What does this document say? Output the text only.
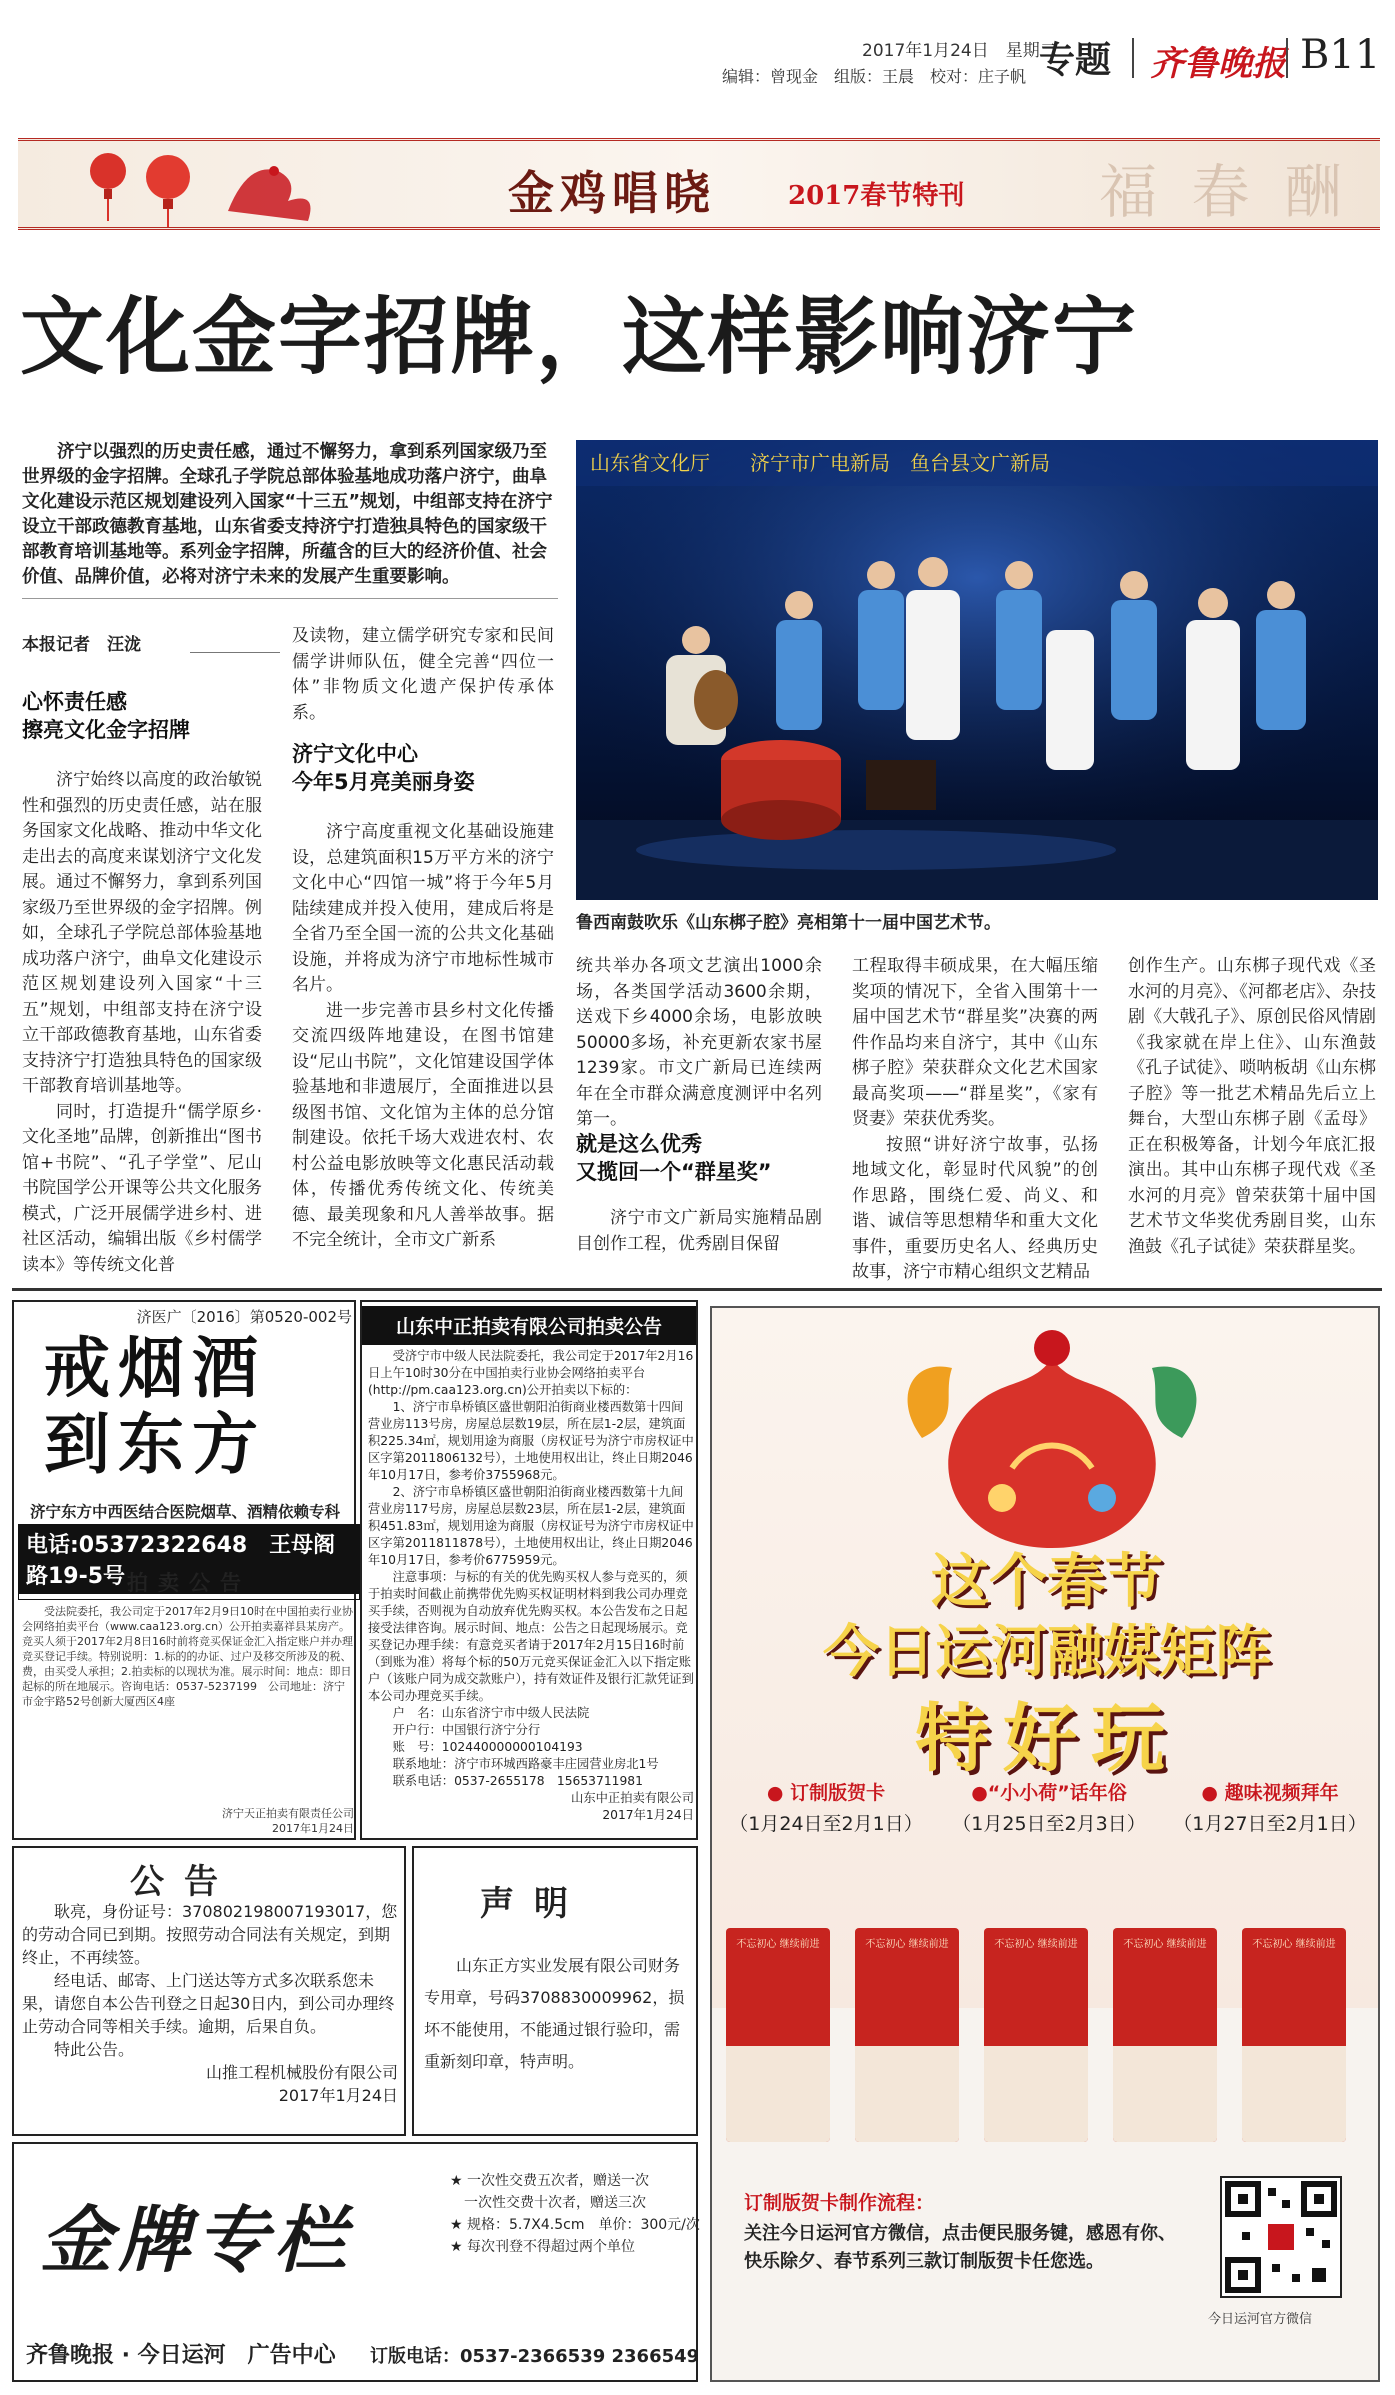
2017年1月24日　星期二
编辑：曾现金　组版：王晨　校对：庄子帆 专题 齐鲁晚报 B11
金鸡唱晓	2017春节特刊 福 春 酬
文化金字招牌，这样影响济宁
济宁以强烈的历史责任感，通过不懈努力，拿到系列国家级乃至世界级的金字招牌。全球孔子学院总部体验基地成功落户济宁，曲阜文化建设示范区规划建设列入国家“十三五”规划，中组部支持在济宁设立干部政德教育基地，山东省委支持济宁打造独具特色的国家级干部教育培训基地等。系列金字招牌，所蕴含的巨大的经济价值、社会价值、品牌价值，必将对济宁未来的发展产生重要影响。
山东省文化厅　　济宁市广电新局　鱼台县文广新局
鲁西南鼓吹乐《山东梆子腔》亮相第十一届中国艺术节。
本报记者　汪泷
心怀责任感
擦亮文化金字招牌

济宁始终以高度的政治敏锐性和强烈的历史责任感，站在服务国家文化战略、推动中华文化走出去的高度来谋划济宁文化发展。通过不懈努力，拿到系列国家级乃至世界级的金字招牌。例如，全球孔子学院总部体验基地成功落户济宁，曲阜文化建设示范区规划建设列入国家“十三五”规划，中组部支持在济宁设立干部政德教育基地，山东省委支持济宁打造独具特色的国家级干部教育培训基地等。

同时，打造提升“儒学原乡·文化圣地”品牌，创新推出“图书馆+书院”、“孔子学堂”、尼山书院国学公开课等公共文化服务模式，广泛开展儒学进乡村、进社区活动，编辑出版《乡村儒学读本》等传统文化普

及读物，建立儒学研究专家和民间儒学讲师队伍，健全完善“四位一体”非物质文化遗产保护传承体系。

济宁文化中心
今年5月亮美丽身姿

济宁高度重视文化基础设施建设，总建筑面积15万平方米的济宁文化中心“四馆一城”将于今年5月陆续建成并投入使用，建成后将是全省乃至全国一流的公共文化基础设施，并将成为济宁市地标性城市名片。

进一步完善市县乡村文化传播交流四级阵地建设，在图书馆建设“尼山书院”，文化馆建设国学体验基地和非遗展厅，全面推进以县级图书馆、文化馆为主体的总分馆制建设。依托千场大戏进农村、农村公益电影放映等文化惠民活动载体，传播优秀传统文化、传统美德、最美现象和凡人善举故事。据不完全统计，全市文广新系

统共举办各项文艺演出1000余场，各类国学活动3600余期，送戏下乡4000余场，电影放映50000多场，补充更新农家书屋1239家。市文广新局已连续两年在全市群众满意度测评中名列第一。

就是这么优秀
又揽回一个“群星奖”

济宁市文广新局实施精品剧目创作工程，优秀剧目保留

工程取得丰硕成果，在大幅压缩奖项的情况下，全省入围第十一届中国艺术节“群星奖”决赛的两件作品均来自济宁，其中《山东梆子腔》荣获群众文化艺术国家最高奖项——“群星奖”，《家有贤妻》荣获优秀奖。

按照“讲好济宁故事，弘扬地域文化，彰显时代风貌”的创作思路，围绕仁爱、尚义、和谐、诚信等思想精华和重大文化事件，重要历史名人、经典历史故事，济宁市精心组织文艺精品

创作生产。山东梆子现代戏《圣水河的月亮》、《河都老店》、杂技剧《大戟孔子》、原创民俗风情剧《我家就在岸上住》、山东渔鼓《孔子试徒》、唢呐板胡《山东梆子腔》等一批艺术精品先后立上舞台，大型山东梆子剧《孟母》正在积极筹备，计划今年底汇报演出。其中山东梆子现代戏《圣水河的月亮》曾荣获第十届中国艺术节文华奖优秀剧目奖，山东渔鼓《孔子试徒》荣获群星奖。

济医广〔2016〕第0520-002号
戒烟酒
到东方
济宁东方中西医结合医院烟草、酒精依赖专科
电话:05372322648　王母阁路19-5号 拍卖公告

受法院委托，我公司定于2017年2月9日10时在中国拍卖行业协会网络拍卖平台（www.caa123.org.cn）公开拍卖嘉祥县某房产。竞买人须于2017年2月8日16时前将竞买保证金汇入指定账户并办理竞买登记手续。特别说明：1.标的的办证、过户及移交所涉及的税、费，由买受人承担；2.拍卖标的以现状为准。展示时间：地点：即日起标的所在地展示。咨询电话：0537-5237199　公司地址：济宁市金宇路52号创新大厦西区4座

济宁天正拍卖有限责任公司
2017年1月24日
山东中正拍卖有限公司拍卖公告

受济宁市中级人民法院委托，我公司定于2017年2月16日上午10时30分在中国拍卖行业协会网络拍卖平台(http://pm.caa123.org.cn)公开拍卖以下标的：

1、济宁市阜桥镇区盛世朝阳泊街商业楼西数第十四间营业房113号房，房屋总层数19层，所在层1-2层，建筑面积225.34㎡，规划用途为商服（房权证号为济宁市房权证中区字第2011806132号），土地使用权出让，终止日期2046年10月17日，参考价3755968元。

2、济宁市阜桥镇区盛世朝阳泊街商业楼西数第十九间营业房117号房，房屋总层数23层，所在层1-2层，建筑面积451.83㎡，规划用途为商服（房权证号为济宁市房权证中区字第2011811878号），土地使用权出让，终止日期2046年10月17日，参考价6775959元。

注意事项：与标的有关的优先购买权人参与竞买的，须于拍卖时间截止前携带优先购买权证明材料到我公司办理竞买手续，否则视为自动放弃优先购买权。本公告发布之日起接受法律咨询。展示时间、地点：公告之日起现场展示。竞买登记办理手续：有意竞买者请于2017年2月15日16时前（到账为准）将每个标的50万元竞买保证金汇入以下指定账户（该账户同为成交款账户），持有效证件及银行汇款凭证到本公司办理竞买手续。

户　名：山东省济宁市中级人民法院
开户行：中国银行济宁分行
账　号：102440000000104193
联系地址：济宁市环城西路豪丰庄园营业房北1号
联系电话：0537-2655178　15653711981
山东中正拍卖有限公司
2017年1月24日
公告

耿亮，身份证号：370802198007193017，您的劳动合同已到期。按照劳动合同法有关规定，到期终止，不再续签。

经电话、邮寄、上门送达等方式多次联系您未果，请您自本公告刊登之日起30日内，到公司办理终止劳动合同等相关手续。逾期，后果自负。

特此公告。

山推工程机械股份有限公司
2017年1月24日
声明

山东正方实业发展有限公司财务专用章，号码3708830009962，损坏不能使用，不能通过银行验印，需重新刻印章，特声明。

金牌专栏
★ 一次性交费五次者，赠送一次
　一次性交费十次者，赠送三次
★ 规格：5.7X4.5cm　单价：300元/次
★ 每次刊登不得超过两个单位
齐鲁晚报 · 今日运河　广告中心 订版电话：0537-2366539 2366549
这个春节
今日运河融媒矩阵
特好玩
● 订制版贺卡
（1月24日至2月1日）
●“小小荷”话年俗
（1月25日至2月3日）
● 趣味视频拜年
（1月27日至2月1日）
不忘初心 继续前进	不忘初心 继续前进	不忘初心 继续前进	不忘初心 继续前进	不忘初心 继续前进
订制版贺卡制作流程：
关注今日运河官方微信，点击便民服务键，感恩有你、快乐除夕、春节系列三款订制版贺卡任您选。
今日运河官方微信
